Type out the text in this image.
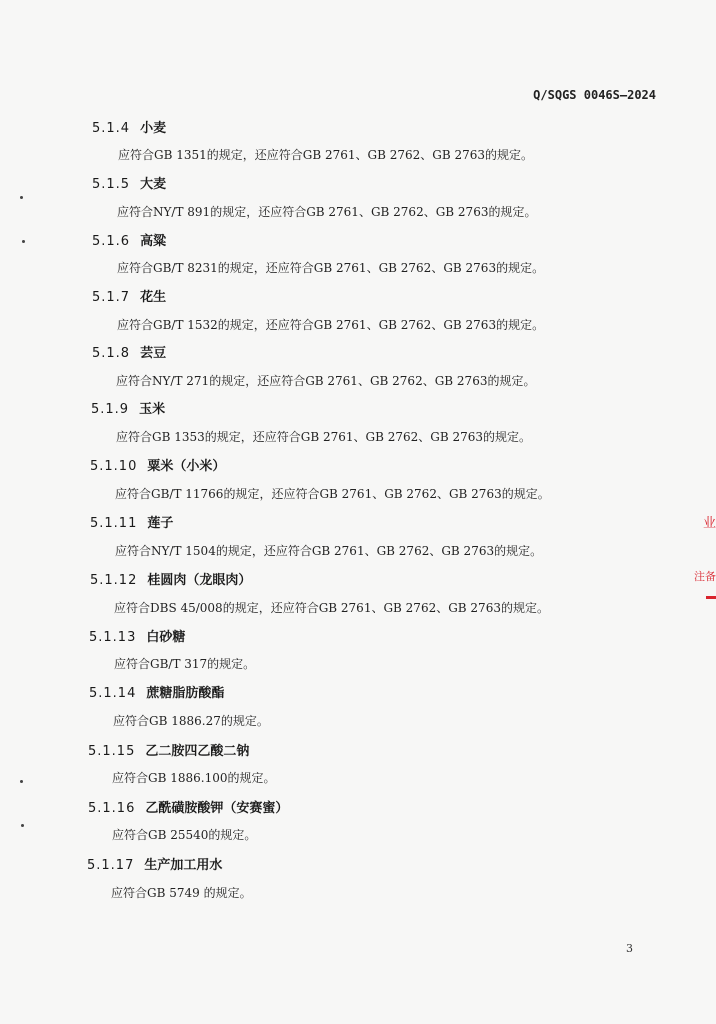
Q/SQGS 0046S—2024
5.1.4 小麦
应符合GB 1351的规定，还应符合GB 2761、GB 2762、GB 2763的规定。
5.1.5 大麦
应符合NY/T 891的规定，还应符合GB 2761、GB 2762、GB 2763的规定。
5.1.6 高粱
应符合GB/T 8231的规定，还应符合GB 2761、GB 2762、GB 2763的规定。
5.1.7 花生
应符合GB/T 1532的规定，还应符合GB 2761、GB 2762、GB 2763的规定。
5.1.8 芸豆
应符合NY/T 271的规定，还应符合GB 2761、GB 2762、GB 2763的规定。
5.1.9 玉米
应符合GB 1353的规定，还应符合GB 2761、GB 2762、GB 2763的规定。
5.1.10 粟米（小米）
应符合GB/T 11766的规定，还应符合GB 2761、GB 2762、GB 2763的规定。
5.1.11 莲子
应符合NY/T 1504的规定，还应符合GB 2761、GB 2762、GB 2763的规定。
5.1.12 桂圆肉（龙眼肉）
应符合DBS 45/008的规定，还应符合GB 2761、GB 2762、GB 2763的规定。
5.1.13 白砂糖
应符合GB/T 317的规定。
5.1.14 蔗糖脂肪酸酯
应符合GB 1886.27的规定。
5.1.15 乙二胺四乙酸二钠
应符合GB 1886.100的规定。
5.1.16 乙酰磺胺酸钾（安赛蜜）
应符合GB 25540的规定。
5.1.17 生产加工用水
应符合GB 5749 的规定。
3
业
注备
